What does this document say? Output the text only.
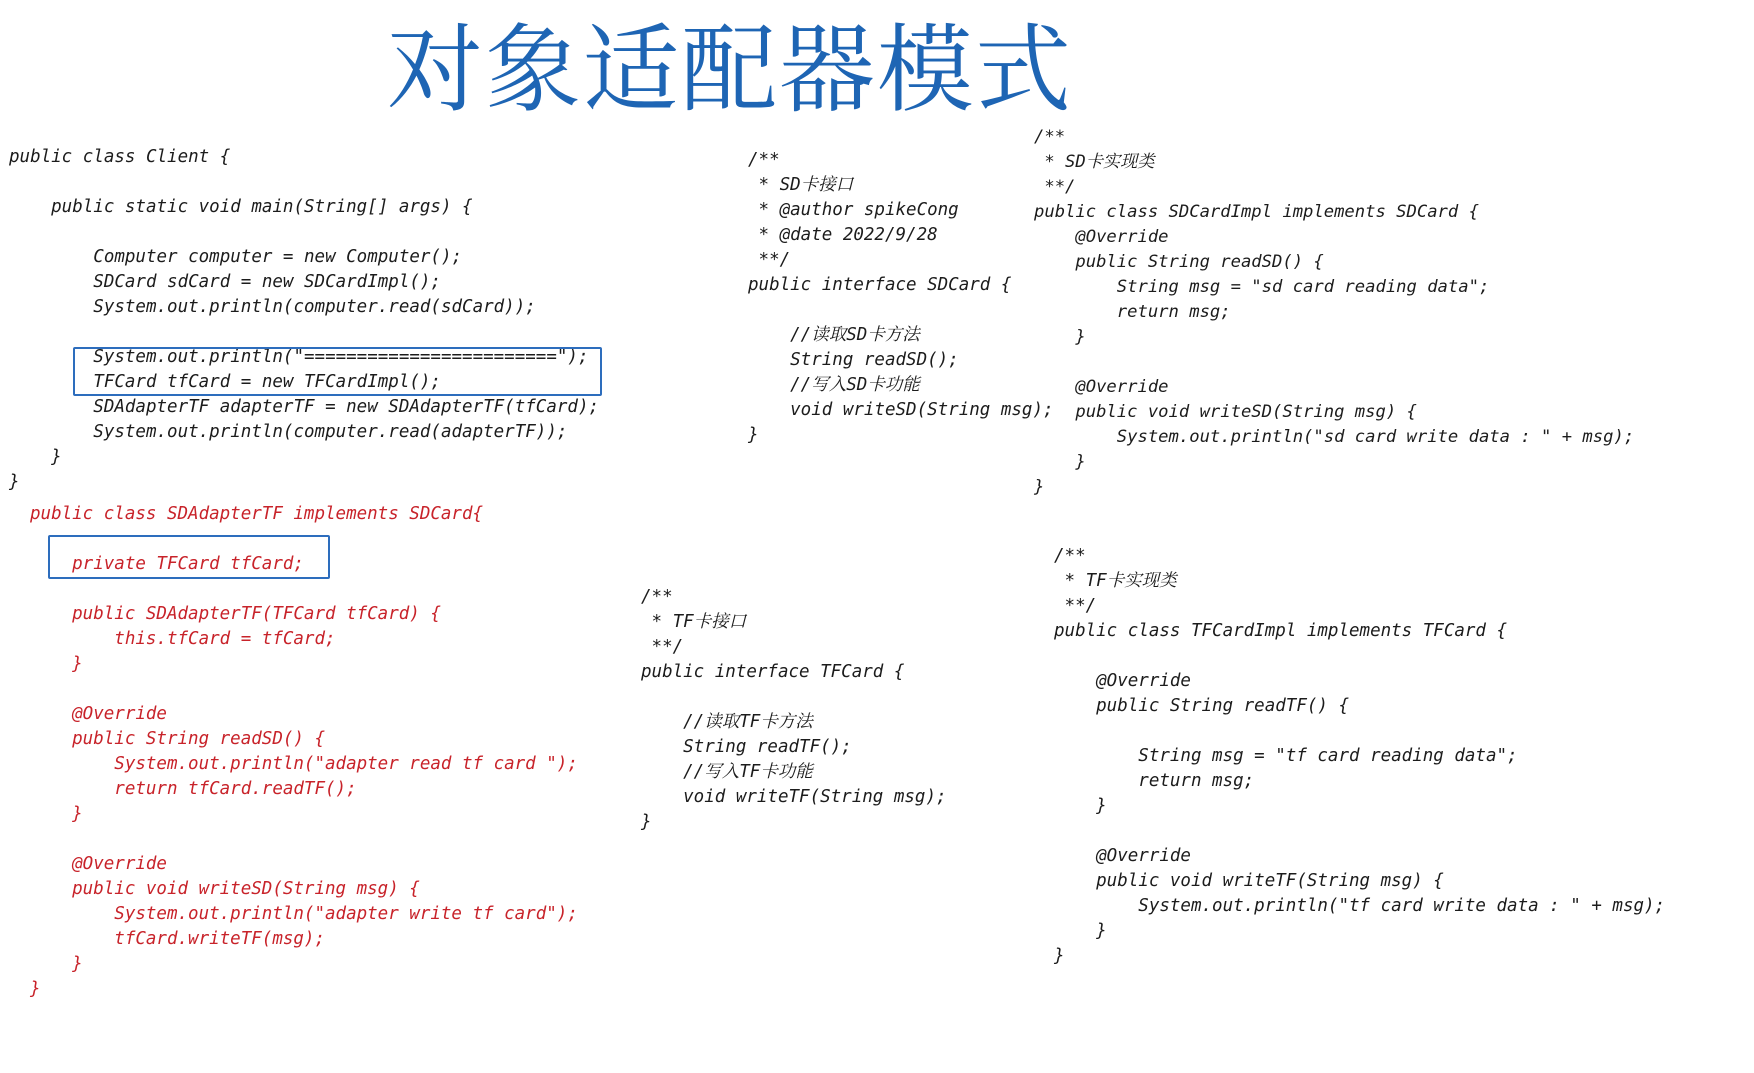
对象适配器模式
public class Client {
public static void main(String[] args) {
Computer computer = new Computer();
SDCard sdCard = new SDCardImpl();
System.out.println(computer.read(sdCard));
System.out.println("========================");
TFCard tfCard = new TFCardImpl();
SDAdapterTF adapterTF = new SDAdapterTF(tfCard);
System.out.println(computer.read(adapterTF));
}
}
/**
* SD卡接口
* @author spikeCong
* @date 2022/9/28
**/
public interface SDCard {
//读取SD卡方法
String readSD();
//写入SD卡功能
void writeSD(String msg);
}
/**
* SD卡实现类
**/
public class SDCardImpl implements SDCard {
@Override
public String readSD() {
String msg = "sd card reading data";
return msg;
}
@Override
public void writeSD(String msg) {
System.out.println("sd card write data : " + msg);
}
}
public class SDAdapterTF implements SDCard{
private TFCard tfCard;
public SDAdapterTF(TFCard tfCard) {
this.tfCard = tfCard;
}
@Override
public String readSD() {
System.out.println("adapter read tf card ");
return tfCard.readTF();
}
@Override
public void writeSD(String msg) {
System.out.println("adapter write tf card");
tfCard.writeTF(msg);
}
}
/**
* TF卡接口
**/
public interface TFCard {
//读取TF卡方法
String readTF();
//写入TF卡功能
void writeTF(String msg);
}
/**
* TF卡实现类
**/
public class TFCardImpl implements TFCard {
@Override
public String readTF() {
String msg = "tf card reading data";
return msg;
}
@Override
public void writeTF(String msg) {
System.out.println("tf card write data : " + msg);
}
}
